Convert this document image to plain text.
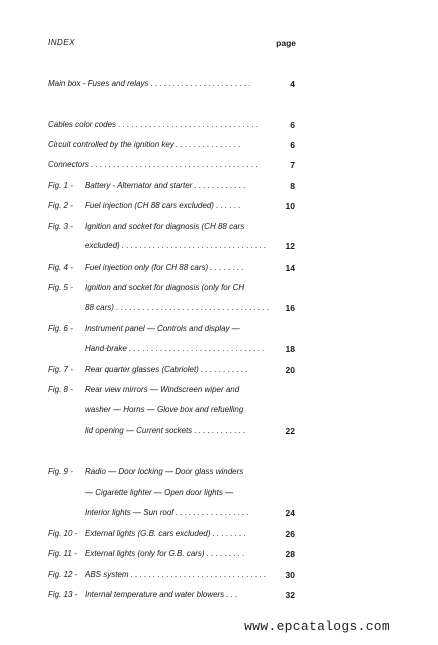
INDEX	page
Main box - Fuses and relays . . . . . . . . . . . . . . . . . . . . . . .	4
Cables color codes . . . . . . . . . . . . . . . . . . . . . . . . . . . . . . . .	6
Circuit controlled by the ignition key . . . . . . . . . . . . . . .	6
Connectors . . . . . . . . . . . . . . . . . . . . . . . . . . . . . . . . . . . . . .	7
Fig. 1 - Battery - Alternator and starter . . . . . . . . . . . .	8
Fig. 2 - Fuel injection (CH 88 cars excluded) . . . . . .	10
Fig. 3 - Ignition and socket for diagnosis (CH 88 cars
excluded) . . . . . . . . . . . . . . . . . . . . . . . . . . . . . . . . . 12
Fig. 4 - Fuel injection only (for CH 88 cars) . . . . . . . .	14
Fig. 5 - Ignition and socket for diagnosis (only for CH
88 cars) . . . . . . . . . . . . . . . . . . . . . . . . . . . . . . . . . . . 16
Fig. 6 - Instrument panel — Controls and display —
Hand-brake . . . . . . . . . . . . . . . . . . . . . . . . . . . . . . . 18
Fig. 7 - Rear quarter glasses (Cabriolet) . . . . . . . . . . .	20
Fig. 8 - Rear view mirrors — Windscreen wiper and
washer — Horns — Glove box and refuelling
lid opening — Current sockets . . . . . . . . . . . .	22
Fig. 9 - Radio — Door locking — Door glass winders
— Cigarette lighter — Open door lights —
Interior lights — Sun roof . . . . . . . . . . . . . . . . .	24
Fig. 10 - External lights (G.B. cars excluded) . . . . . . . .	26
Fig. 11 - External lights (only for G.B. cars) . . . . . . . . .	28
Fig. 12 - ABS system . . . . . . . . . . . . . . . . . . . . . . . . . . . . . . . 30
Fig. 13 - Internal temperature and water blowers . . .	32
www.epcatalogs.com
